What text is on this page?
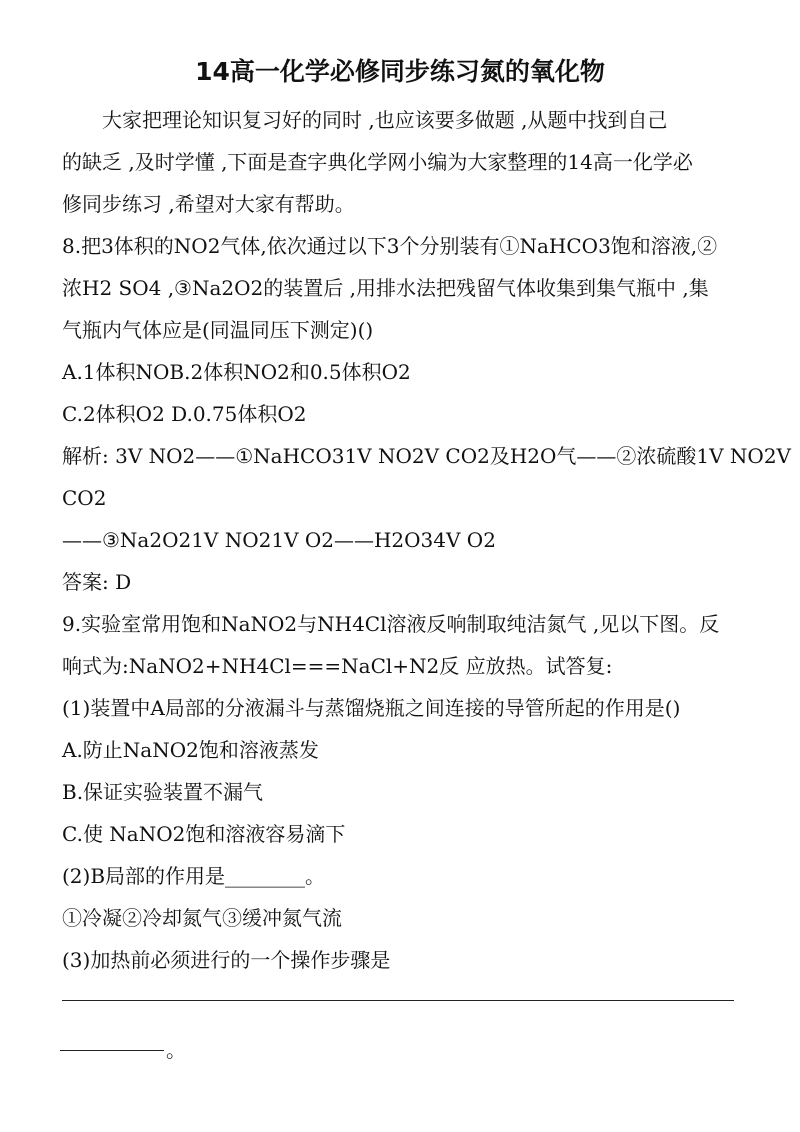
14高一化学必修同步练习氮的氧化物
大家把理论知识复习好的同时 ,也应该要多做题 ,从题中找到自己
的缺乏 ,及时学懂 ,下面是查字典化学网小编为大家整理的14高一化学必
修同步练习 ,希望对大家有帮助。
8.把3体积的NO2气体,依次通过以下3个分别装有①NaHCO3饱和溶液,②
浓H2 SO4 ,③Na2O2的装置后 ,用排水法把残留气体收集到集气瓶中 ,集
气瓶内气体应是(同温同压下测定)()
A.1体积NOB.2体积NO2和0.5体积O2
C.2体积O2 D.0.75体积O2
解析: 3V NO2——①NaHCO31V NO2V CO2及H2O气——②浓硫酸1V NO2V
CO2
——③Na2O21V NO21V O2——H2O34V O2
答案: D
9.实验室常用饱和NaNO2与NH4Cl溶液反响制取纯洁氮气 ,见以下图。反
响式为:NaNO2+NH4Cl===NaCl+N2反 应放热。试答复:
(1)装置中A局部的分液漏斗与蒸馏烧瓶之间连接的导管所起的作用是()
A.防止NaNO2饱和溶液蒸发
B.保证实验装置不漏气
C.使 NaNO2饱和溶液容易滴下
(2)B局部的作用是________。
①冷凝②冷却氮气③缓冲氮气流
(3)加热前必须进行的一个操作步骤是
。
